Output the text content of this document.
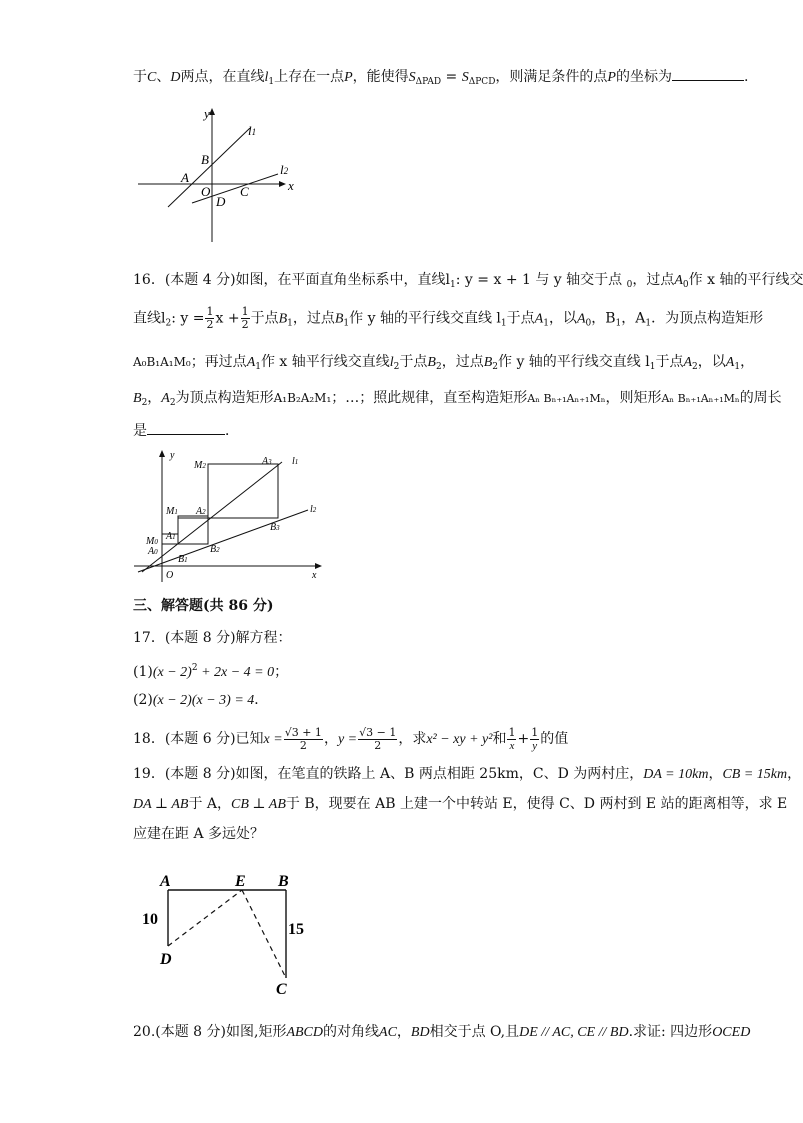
于C、D两点，在直线$l_1$上存在一点P，能使得$S_{\Delta PAD} = S_{\Delta PCD}$，则满足条件的点P的坐标为	.
y
x
l1
l2
A
B
O C
D
16．(本题 4 分)如图，在平面直角坐标系中，直线$l_1$: y = x + 1 与 y 轴交于点 $_0$，过点$A_0$作 x 轴的平行线交
直线$l_2$: $y = \frac{1}{2}$ $x + \frac{1}{2}$ 于点$B_1$，过点$B_1$作 y 轴的平行线交直线 $l_1$于点$A_1$，以$A_0$，$B_1$，$A_1$．为顶点构造矩形
A₀B₁A₁M₀；再过点$A_1$作 x 轴平行线交直线$l_2$于点$B_2$，过点$B_2$作 y 轴的平行线交直线 $l_1$于点$A_2$，以$A_1$，
$B_2$，$A_2$为顶点构造矩形A₁B₂A₂M₁；…；照此规律，直至构造矩形Aₙ Bₙ₊₁Aₙ₊₁Mₙ，则矩形Aₙ Bₙ₊₁Aₙ₊₁Mₙ的周长
是	．
l1
l2
y
x
O
M2	A3
M1 A2
B3
M0 A1
B2
A0
B1
三、解答题(共 86 分)
17．(本题 8 分)解方程：
$(1)(x - 2)^2 + 2x - 4 = 0$；
(2)(x − 2)(x − 3) = 4．
18．(本题 6 分)已知$x = \frac{√3 + 1}{2}$ ，$y = \frac{√3 - 1}{2}$ ，求x² − xy + y²和 $\frac{1}{x} + \frac{1}{y}$ 的值
19．(本题 8 分)如图，在笔直的铁路上 A、B 两点相距 25km，C、D 为两村庄，DA = 10km，CB = 15km，
DA ⊥ AB于 A，CB ⊥ AB于 B，现要在 AB 上建一个中转站 E，使得 C、D 两村到 E 站的距离相等，求 E
应建在距 A 多远处？
A	E B
D
C
10
15
20.(本题 8 分)如图,矩形ABCD的对角线AC，BD相交于点 O,且DE // AC, CE // BD.求证: 四边形OCED
